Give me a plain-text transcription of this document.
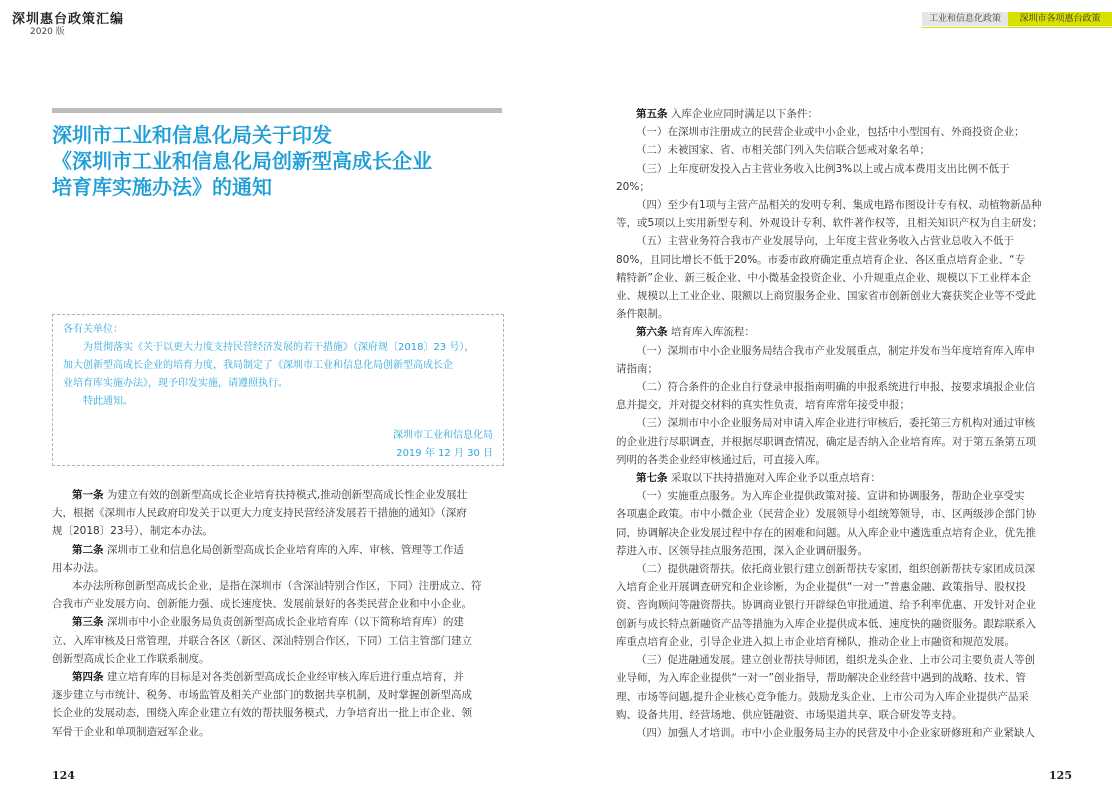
深圳惠台政策汇编
2020 版
工业和信息化政策	深圳市各项惠台政策
深圳市工业和信息化局关于印发
《深圳市工业和信息化局创新型高成长企业
培育库实施办法》的通知
各有关单位：
为贯彻落实《关于以更大力度支持民营经济发展的若干措施》（深府规〔2018〕23 号），
加大创新型高成长企业的培育力度，我局制定了《深圳市工业和信息化局创新型高成长企
业培育库实施办法》，现予印发实施，请遵照执行。
特此通知。
深圳市工业和信息化局
2019 年 12 月 30 日

第一条 为建立有效的创新型高成长企业培育扶持模式,推动创新型高成长性企业发展壮

大，根据《深圳市人民政府印发关于以更大力度支持民营经济发展若干措施的通知》（深府

规〔2018〕23号），制定本办法。

第二条 深圳市工业和信息化局创新型高成长企业培育库的入库、审核、管理等工作适

用本办法。

本办法所称创新型高成长企业，是指在深圳市（含深汕特别合作区，下同）注册成立、符

合我市产业发展方向、创新能力强、成长速度快、发展前景好的各类民营企业和中小企业。

第三条 深圳市中小企业服务局负责创新型高成长企业培育库（以下简称培育库）的建

立、入库审核及日常管理，并联合各区（新区、深汕特别合作区，下同）工信主管部门建立

创新型高成长企业工作联系制度。

第四条 建立培育库的目标是对各类创新型高成长企业经审核入库后进行重点培育，并

逐步建立与市统计、税务、市场监管及相关产业部门的数据共享机制，及时掌握创新型高成

长企业的发展动态，围绕入库企业建立有效的帮扶服务模式，力争培育出一批上市企业、领

军骨干企业和单项制造冠军企业。

第五条 入库企业应同时满足以下条件：

（一）在深圳市注册成立的民营企业或中小企业，包括中小型国有、外商投资企业；

（二）未被国家、省、市相关部门列入失信联合惩戒对象名单；

（三）上年度研发投入占主营业务收入比例3%以上或占成本费用支出比例不低于

20%；

（四）至少有1项与主营产品相关的发明专利、集成电路布图设计专有权、动植物新品种

等，或5项以上实用新型专利、外观设计专利、软件著作权等，且相关知识产权为自主研发；

（五）主营业务符合我市产业发展导向，上年度主营业务收入占营业总收入不低于

80%，且同比增长不低于20%。市委市政府确定重点培育企业、各区重点培育企业、“专

精特新”企业、新三板企业、中小微基金投资企业、小升规重点企业、规模以下工业样本企

业、规模以上工业企业、限额以上商贸服务企业、国家省市创新创业大赛获奖企业等不受此

条件限制。

第六条 培育库入库流程：

（一）深圳市中小企业服务局结合我市产业发展重点，制定并发布当年度培育库入库申

请指南；

（二）符合条件的企业自行登录申报指南明确的申报系统进行申报，按要求填报企业信

息并提交，并对提交材料的真实性负责，培育库常年接受申报；

（三）深圳市中小企业服务局对申请入库企业进行审核后，委托第三方机构对通过审核

的企业进行尽职调查，并根据尽职调查情况，确定是否纳入企业培育库。对于第五条第五项

列明的各类企业经审核通过后，可直接入库。

第七条 采取以下扶持措施对入库企业予以重点培育：

（一）实施重点服务。为入库企业提供政策对接、宣讲和协调服务，帮助企业享受实

各项惠企政策。市中小微企业（民营企业）发展领导小组统筹领导，市、区两级涉企部门协

同，协调解决企业发展过程中存在的困难和问题。从入库企业中遴选重点培育企业，优先推

荐进入市、区领导挂点服务范围，深入企业调研服务。

（二）提供融资帮扶。依托商业银行建立创新帮扶专家团，组织创新帮扶专家团成员深

入培育企业开展调查研究和企业诊断，为企业提供“一对一”普惠金融、政策指导、股权投

资、咨询顾问等融资帮扶。协调商业银行开辟绿色审批通道、给予利率优惠、开发针对企业

创新与成长特点新融资产品等措施为入库企业提供成本低、速度快的融资服务。跟踪联系入

库重点培育企业，引导企业进入拟上市企业培育梯队，推动企业上市融资和规范发展。

（三）促进融通发展。建立创业帮扶导师团，组织龙头企业、上市公司主要负责人等创

业导师，为入库企业提供“一对一”创业指导，帮助解决企业经营中遇到的战略、技术、管

理、市场等问题,提升企业核心竞争能力。鼓励龙头企业、上市公司为入库企业提供产品采

购、设备共用、经营场地、供应链融资、市场渠道共享、联合研发等支持。

（四）加强人才培训。市中小企业服务局主办的民营及中小企业家研修班和产业紧缺人

124	125
